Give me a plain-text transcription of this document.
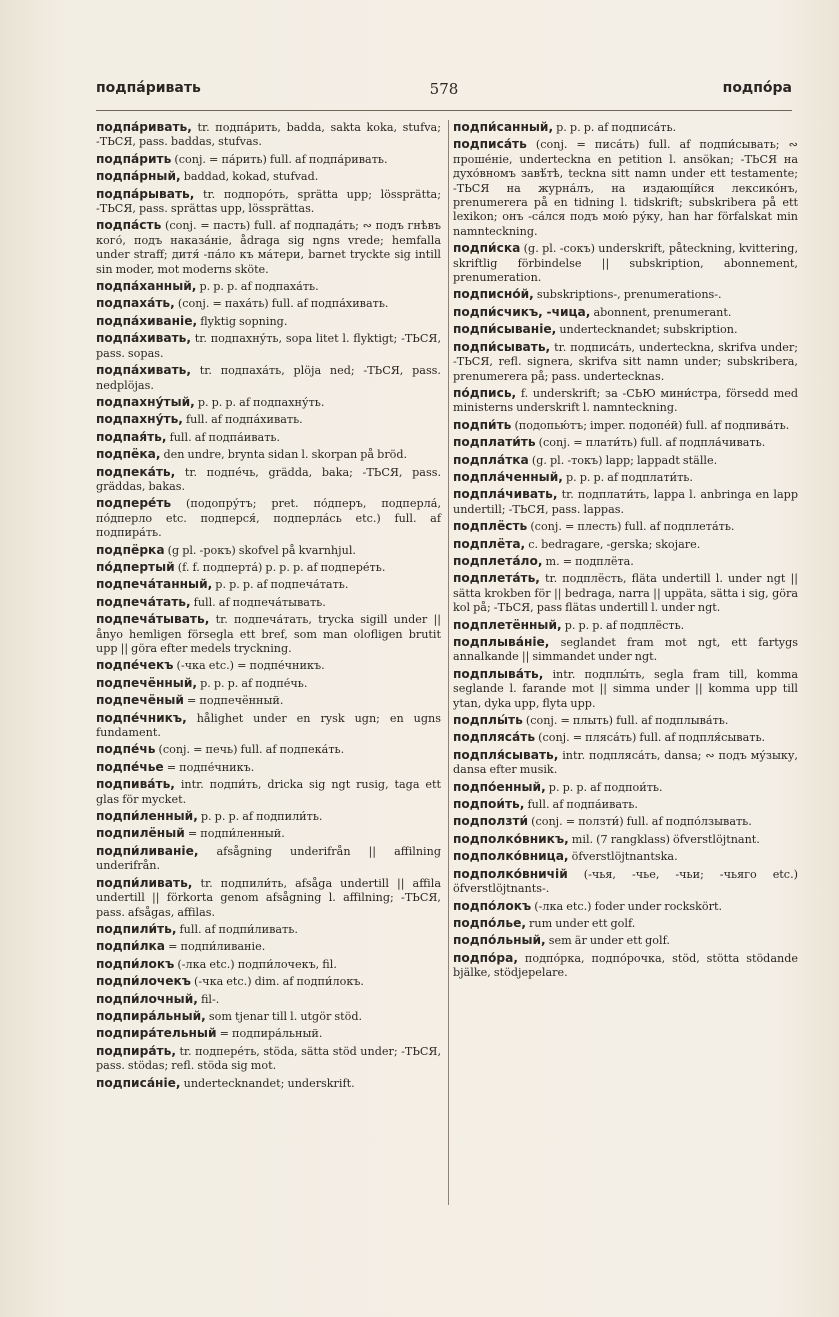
подпа́ривать	578	подпо́ра

подпа́ривать, tr. подпа́рить, badda, sakta koka, stufva; -ТЬСЯ, pass. baddas, stufvas.

подпа́рить (conj. = па́рить) full. af подпа́ривать.

подпа́рный, baddad, kokad, stufvad.

подпа́рывать, tr. подпоро́ть, sprätta upp; lössprätta; -ТЬСЯ, pass. sprättas upp, lössprättas.

подпа́сть (conj. = пасть) full. af подпада́ть; ∾ подъ гнѣвъ кого́, подъ наказа́ніе, ådraga sig ngns vrede; hemfalla under straff; дитя́ -па́ло къ ма́тери, barnet tryckte sig intill sin moder, mot moderns sköte.

подпа́ханный, p. p. p. af подпаха́ть.

подпаха́ть, (conj. = паха́ть) full. af подпа́хивать.

подпа́хиваніе, flyktig sopning.

подпа́хивать, tr. подпахну́ть, sopa litet l. flyktigt; -ТЬСЯ, pass. sopas.

подпа́хивать, tr. подпаха́ть, plöja ned; -ТЬСЯ, pass. nedplöjas.

подпахну́тый, p. p. p. af подпахну́ть.

подпахну́ть, full. af подпа́хивать.

подпая́ть, full. af подпа́ивать.

подпёка, den undre, brynta sidan l. skorpan på bröd.

подпека́ть, tr. подпе́чь, grädda, baka; -ТЬСЯ, pass. gräddas, bakas.

подпере́ть (подопру́тъ; pret. по́дперъ, подперла́, по́дперло etc. подперся́, подперла́сь etc.) full. af подпира́ть.

подпёрка (g pl. -рокъ) skofvel på kvarnhjul.

по́дпертый (f. f. подперта́) p. p. p. af подпере́ть.

подпеча́танный, p. p. p. af подпеча́тать.

подпеча́тать, full. af подпеча́тывать.

подпеча́тывать, tr. подпеча́тать, trycka sigill under || ånyo hemligen försegla ett bref, som man olofligen brutit upp || göra efter medels tryckning.

подпе́чекъ (-чка etc.) = подпе́чникъ.

подпечённый, p. p. p. af подпе́чь.

подпечёный = подпечённый.

подпе́чникъ, hålighet under en rysk ugn; en ugns fundament.

подпе́чь (conj. = печь) full. af подпека́ть.

подпе́чье = подпе́чникъ.

подпива́ть, intr. подпи́ть, dricka sig ngt rusig, taga ett glas för mycket.

подпи́ленный, p. p. p. af подпили́ть.

подпилёный = подпи́ленный.

подпи́ливаніе, afsågning underifrån || affilning underifrån.

подпи́ливать, tr. подпили́ть, afsåga undertill || affila undertill || förkorta genom afsågning l. affilning; -ТЬСЯ, pass. afsågas, affilas.

подпили́ть, full. af подпи́ливать.

подпи́лка = подпи́ливаніе.

подпи́локъ (-лка etc.) подпи́лочекъ, fil.

подпи́лочекъ (-чка etc.) dim. af подпи́локъ.

подпи́лочный, fil-.

подпира́льный, som tjenar till l. utgör stöd.

подпира́тельный = подпира́льный.

подпира́ть, tr. подпере́ть, stöda, sätta stöd under; -ТЬСЯ, pass. stödas; refl. stöda sig mot.

подписа́ніе, undertecknandet; underskrift.

подпи́санный, p. p. p. af подписа́ть.

подписа́ть (conj. = писа́ть) full. af подпи́сывать; ∾ проше́ніе, underteckna en petition l. ansökan; -ТЬСЯ на духо́вномъ завѣ́тѣ, teckna sitt namn under ett testamente; -ТЬСЯ на журна́лъ, на издающі́йся лексико́нъ, prenumerera på en tidning l. tidskrift; subskribera på ett lexikon; онъ -са́лся подъ мою́ ру́ку, han har förfalskat min namnteckning.

подпи́ска (g. pl. -сокъ) underskrift, påteckning, kvittering, skriftlig förbindelse || subskription, abonnement, prenumeration.

подписно́й, subskriptions-, prenumerations-.

подпи́счикъ, -чица, abonnent, prenumerant.

подпи́сываніе, undertecknandet; subskription.

подпи́сывать, tr. подписа́ть, underteckna, skrifva under; -ТЬСЯ, refl. signera, skrifva sitt namn under; subskribera, prenumerera på; pass. undertecknas.

по́дпись, f. underskrift; за -СЬЮ мини́стра, försedd med ministerns underskrift l. namnteckning.

подпи́ть (подопью́тъ; imper. подопе́й) full. af подпива́ть.

подплати́ть (conj. = плати́ть) full. af подпла́чивать.

подпла́тка (g. pl. -токъ) lapp; lappadt ställe.

подпла́ченный, p. p. p. af подплати́ть.

подпла́чивать, tr. подплати́ть, lappa l. anbringa en lapp undertill; -ТЬСЯ, pass. lappas.

подплёсть (conj. = плесть) full. af подплета́ть.

подплёта, c. bedragare, -gerska; skojare.

подплета́ло, m. = подплёта.

подплета́ть, tr. подплёсть, fläta undertill l. under ngt || sätta krokben för || bedraga, narra || uppäta, sätta i sig, göra kol på; -ТЬСЯ, pass flätas undertill l. under ngt.

подплетённый, p. p. p. af подплёсть.

подплыва́ніе, seglandet fram mot ngt, ett fartygs annalkande || simmandet under ngt.

подплыва́ть, intr. подплы́ть, segla fram till, komma seglande l. farande mot || simma under || komma upp till ytan, dyka upp, flyta upp.

подплы́ть (conj. = плыть) full. af подплыва́ть.

подпляса́ть (conj. = пляса́ть) full. af подпля́сывать.

подпля́сывать, intr. подпляса́ть, dansa; ∾ подъ му́зыку, dansa efter musik.

подпо́енный, p. p. p. af подпои́ть.

подпои́ть, full. af подпа́ивать.

подползти́ (conj. = ползти́) full. af подпо́лзывать.

подполко́вникъ, mil. (7 rangklass) öfverstlöjtnant.

подполко́вница, öfverstlöjtnantska.

подполко́вничій (-чья, -чье, -чьи; -чьяго etc.) öfverstlöjtnants-.

подпо́локъ (-лка etc.) foder under rockskört.

подпо́лье, rum under ett golf.

подпо́льный, sem är under ett golf.

подпо́ра, подпо́рка, подпо́рочка, stöd, stötta stödande bjälke, stödjepelare.
